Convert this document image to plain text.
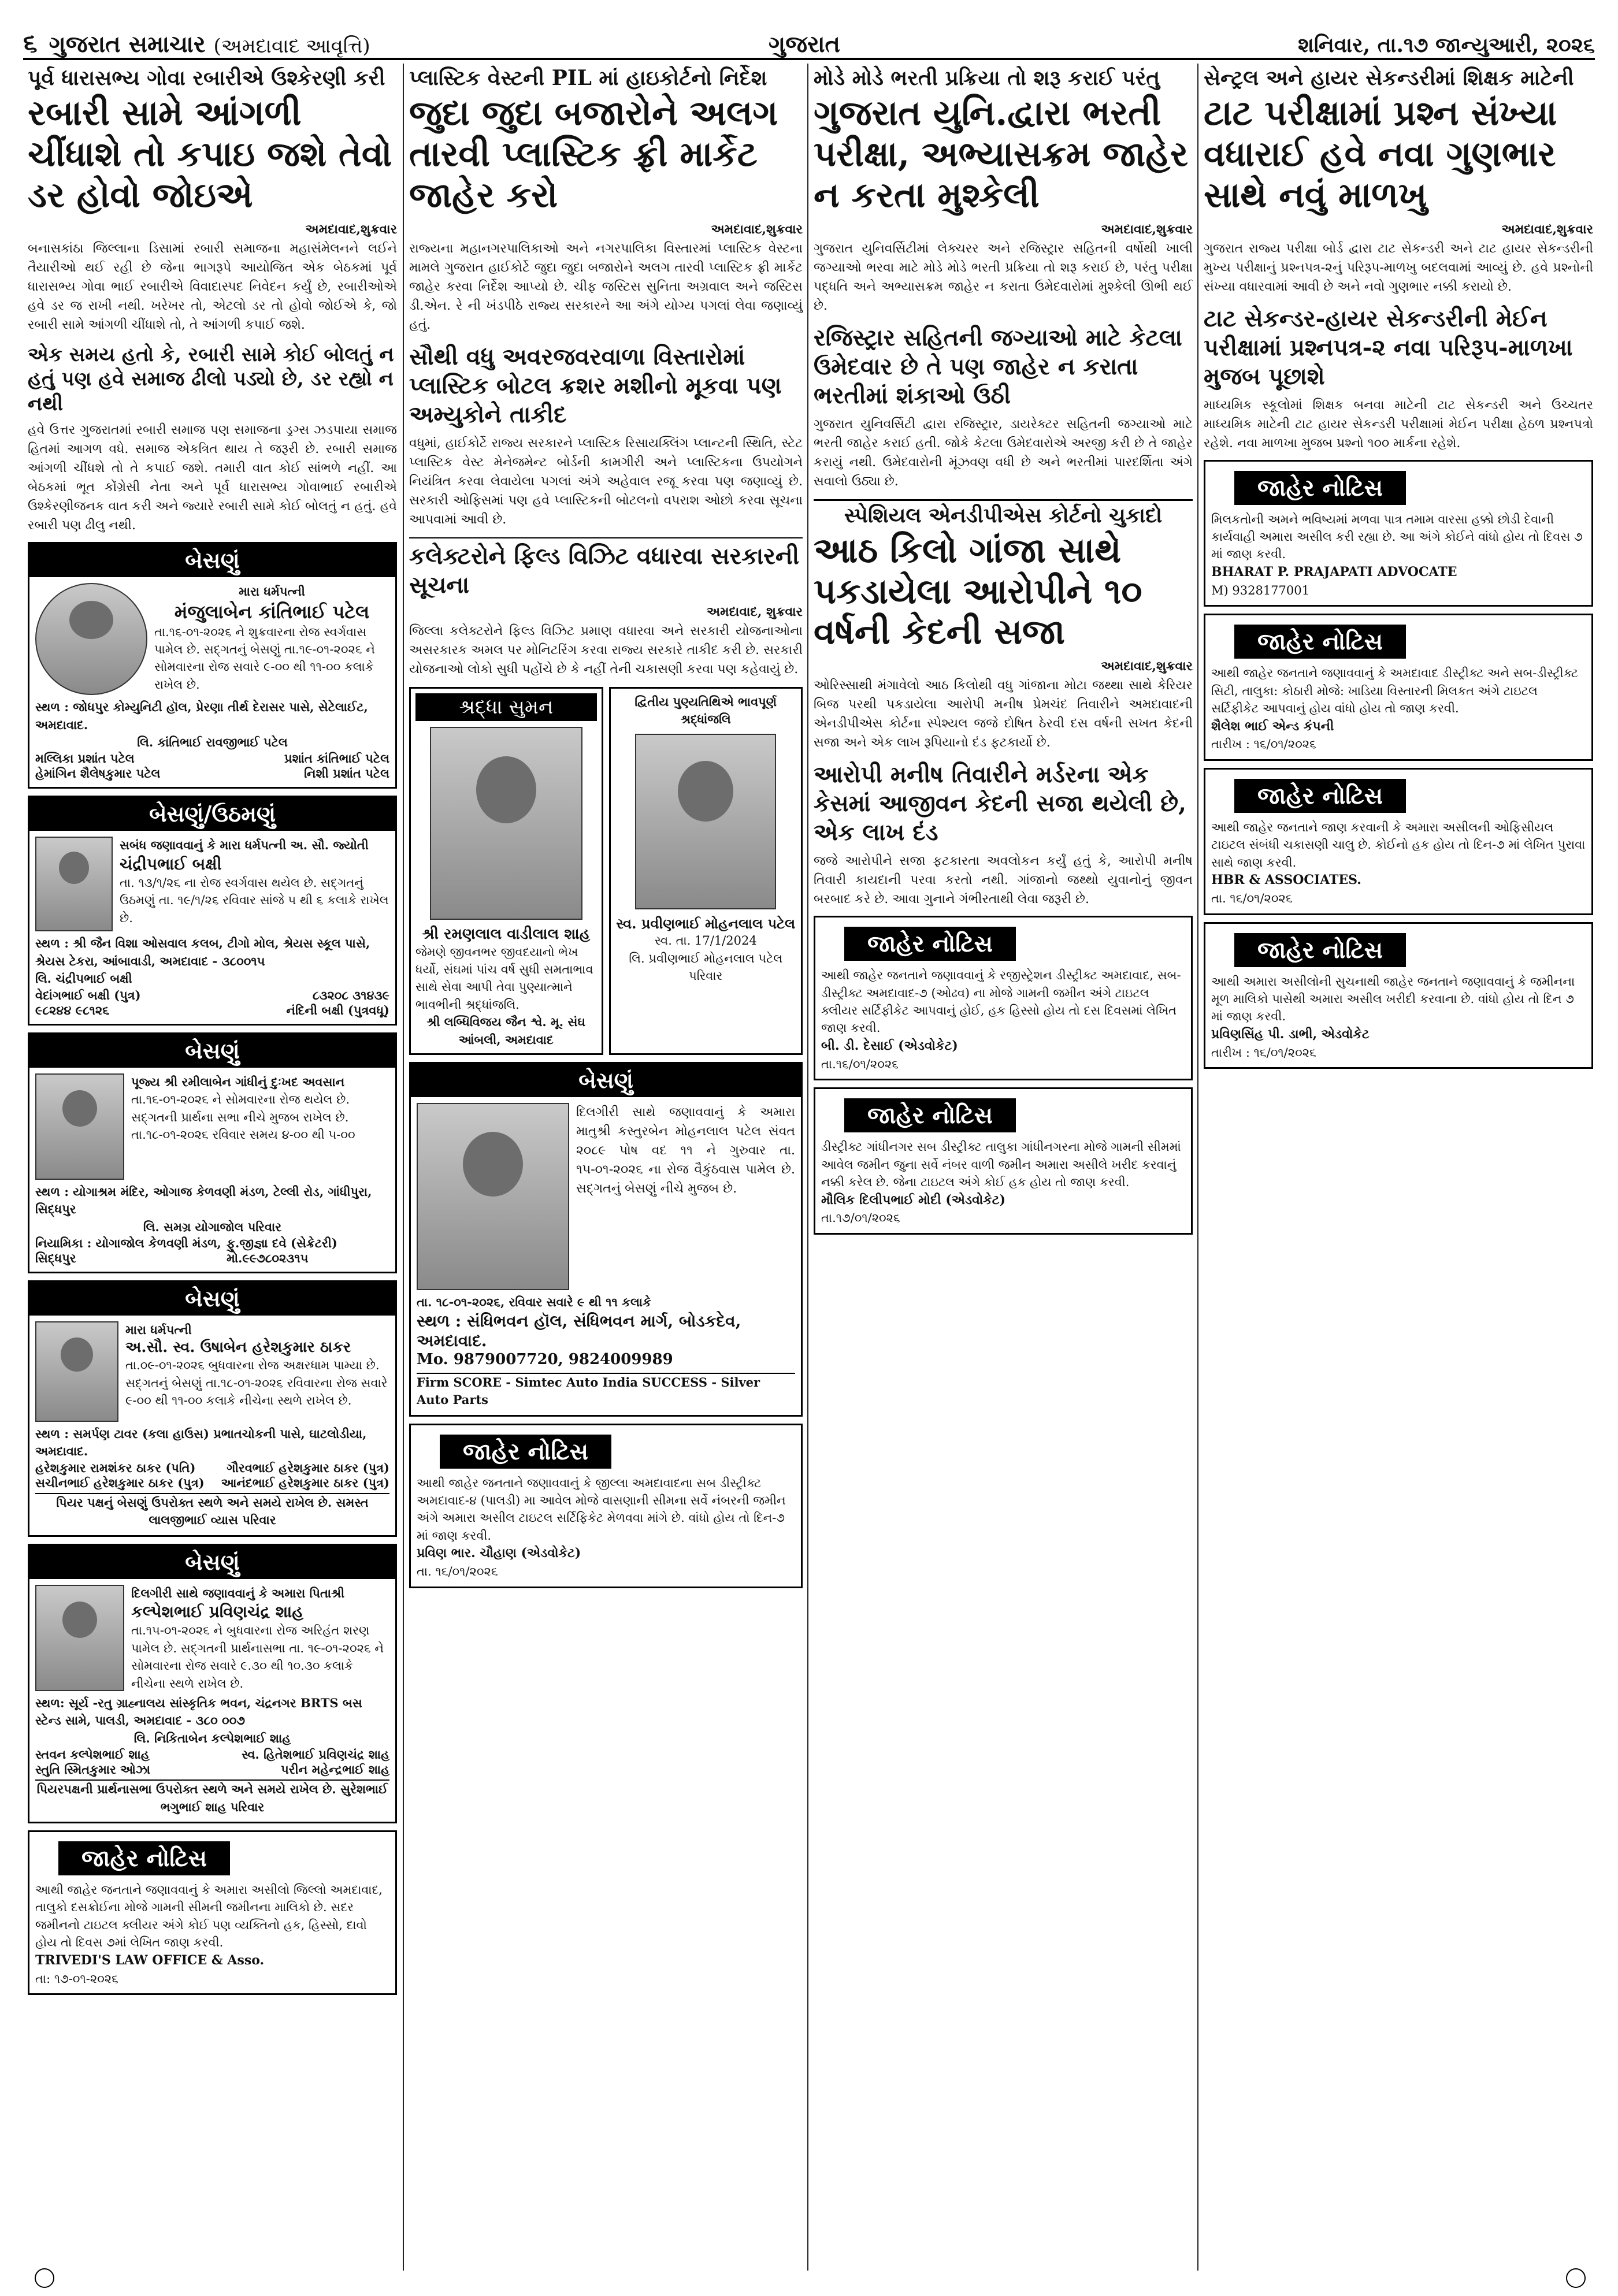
૬ ગુજરાત સમાચાર (અમદાવાદ આવૃત્તિ)	ગુજરાત	શનિવાર, તા.૧૭ જાન્યુઆરી, ૨૦૨૬
પૂર્વ ધારાસભ્ય ગોવા રબારીએ ઉશ્કેરણી કરી
રબારી સામે આંગળી ચીંધાશે તો કપાઇ જશે તેવો ડર હોવો જોઇએ
અમદાવાદ,શુક્રવાર
બનાસકાંઠા જિલ્લાના ડિસામાં રબારી સમાજના મહાસંમેલનને લઈને તૈયારીઓ થઈ રહી છે જેના ભાગરૂપે આયોજિત એક બેઠકમાં પૂર્વ ધારાસભ્ય ગોવા ભાઈ રબારીએ વિવાદાસ્પદ નિવેદન કર્યું છે, રબારીઓએ હવે ડર જ રાખી નથી. ખરેખર તો, એટલો ડર તો હોવો જોઈએ કે, જો રબારી સામે આંગળી ચીંધાશે તો, તે આંગળી કપાઈ જશે.
એક સમય હતો કે, રબારી સામે કોઈ બોલતું ન હતું પણ હવે સમાજ ઢીલો પડ્યો છે, ડર રહ્યો ન નથી
હવે ઉત્તર ગુજરાતમાં રબારી સમાજ પણ સમાજના ડ્રગ્સ ઝડપાયા સમાજ હિતમાં આગળ વધે. સમાજ એકત્રિત થાય તે જરૂરી છે. રબારી સમાજ આંગળી ચીંધશે તો તે કપાઈ જશે. તમારી વાત કોઈ સાંભળે નહીં. આ બેઠકમાં ભૂત કોંગ્રેસી નેતા અને પૂર્વ ધારાસભ્ય ગોવાભાઈ રબારીએ ઉશ્કેરણીજનક વાત કરી અને જ્યારે રબારી સામે કોઈ બોલતું ન હતું. હવે રબારી પણ ઢીલુ નથી.
બેસણું
મારા ધર્મપત્ની
મંજુલાબેન કાંતિભાઈ પટેલ
તા.૧૬-૦૧-૨૦૨૬ ને શુક્રવારના રોજ સ્વર્ગવાસ પામેલ છે. સદ્ગતનું બેસણું તા.૧૯-૦૧-૨૦૨૬ ને સોમવારના રોજ સવારે ૯-૦૦ થી ૧૧-૦૦ કલાકે રાખેલ છે.
સ્થળ : જોધપુર કોમ્યુનિટી હૉલ, પ્રેરણા તીર્થ દેરાસર પાસે, સેટેલાઈટ, અમદાવાદ.
લિ. કાંતિભાઈ રાવજીભાઈ પટેલ
મલ્લિકા પ્રશાંત પટેલ	પ્રશાંત કાંતિભાઈ પટેલ
હેમાંગિન શૈલેષકુમાર પટેલ	નિશી પ્રશાંત પટેલ
બેસણું/ઉઠમણું
સબંધ જણાવવાનું કે મારા ધર્મપત્ની અ. સૌ. જ્યોતી
ચંદ્રીપભાઈ બક્ષી
તા. ૧૩/૧/૨૬ ના રોજ સ્વર્ગવાસ થયેલ છે. સદ્ગતનું ઉઠમણું તા. ૧૯/૧/૨૬ રવિવાર સાંજે ૫ થી ૬ કલાકે રાખેલ છે.
સ્થળ : શ્રી જૈન વિશા ઓસવાલ કલબ, ટીગો મોલ, શ્રેયસ સ્કૂલ પાસે, શ્રેયસ ટેકરા, આંબાવાડી, અમદાવાદ - ૩૮૦૦૧૫
લિ. ચંદ્રીપભાઈ બક્ષી
વેદાંગભાઈ બક્ષી (પુત્ર)	૮૩૨૦૮ ૩૧૪૩૯
૯૮૨૪૪ ૯૮૧૨૬	નંદિની બક્ષી (પુત્રવધૂ)
બેસણું
પૂજ્ય શ્રી રમીલાબેન ગાંધીનું દુઃખદ અવસાન
તા.૧૬-૦૧-૨૦૨૬ ને સોમવારના રોજ થયેલ છે. સદ્ગતની પ્રાર્થના સભા નીચે મુજબ રાખેલ છે. તા.૧૮-૦૧-૨૦૨૬ રવિવાર સમય ૪-૦૦ થી ૫-૦૦
સ્થળ : યોગાશ્રમ મંદિર, ઓગાજ કેળવણી મંડળ, ટેલ્લી રોડ, ગાંધીપુરા, સિદ્ધપુર
લિ. સમગ્ર યોગાજોલ પરિવાર
નિયામિકા : યોગાજોલ કેળવણી મંડળ, સિદ્ધપુર
ફુ.જીજ્ઞા દવે (સેક્રેટરી) મો.૯૯૭૮૦૨૩૧૫
બેસણું
મારા ધર્મપત્ની
અ.સૌ. સ્વ. ઉષાબેન હરેશકુમાર ઠાકર
તા.૦૯-૦૧-૨૦૨૬ બુધવારના રોજ અક્ષરધામ પામ્યા છે. સદ્ગતનું બેસણું તા.૧૮-૦૧-૨૦૨૬ રવિવારના રોજ સવારે ૯-૦૦ થી ૧૧-૦૦ કલાકે નીચેના સ્થળે રાખેલ છે.
સ્થળ : સમર્પણ ટાવર (કલા હાઉસ) પ્રભાતચોકની પાસે, ઘાટલોડીયા, અમદાવાદ.
હરેશકુમાર રામશંકર ઠાકર (પતિ)	ગૌરવભાઈ હરેશકુમાર ઠાકર (પુત્ર)
સચીનભાઈ હરેશકુમાર ઠાકર (પુત્ર) આનંદભાઈ હરેશકુમાર ઠાકર (પુત્ર)
પિયર પક્ષનું બેસણું ઉપરોક્ત સ્થળે અને સમયે રાખેલ છે. સમસ્ત લાલજીભાઈ વ્યાસ પરિવાર
બેસણું
દિલગીરી સાથે જણાવવાનું કે અમારા પિતાશ્રી
કલ્પેશભાઈ પ્રવિણચંદ્ર શાહ
તા.૧૫-૦૧-૨૦૨૬ ને બુધવારના રોજ અરિહંત શરણ પામેલ છે. સદ્ગતની પ્રાર્થનાસભા તા. ૧૯-૦૧-૨૦૨૬ ને સોમવારના રોજ સવારે ૯.૩૦ થી ૧૦.૩૦ કલાકે નીચેના સ્થળે રાખેલ છે.
સ્થળ: સૂર્ય -રતુ ગ્રાહ્નાલય સાંસ્કૃતિક ભવન, ચંદ્રનગર BRTS બસ સ્ટેન્ડ સામે, પાલડી, અમદાવાદ - ૩૮૦ ૦૦૭
લિ. નિકિતાબેન કલ્પેશભાઈ શાહ
સ્તવન કલ્પેશભાઈ શાહ	સ્વ. હિતેશભાઈ પ્રવિણચંદ્ર શાહ
સ્તુતિ સ્મિતકુમાર ઓઝા	પરીન મહેન્દ્રભાઈ શાહ
પિયરપક્ષની પ્રાર્થનાસભા ઉપરોક્ત સ્થળે અને સમયે રાખેલ છે. સુરેશભાઈ ભગુભાઈ શાહ પરિવાર
જાહેર નોટિસ
આથી જાહેર જનતાને જણાવવાનું કે અમારા અસીલો જિલ્લો અમદાવાદ, તાલુકો દસક્રોઈના મોજે ગામની સીમની જમીનના માલિકો છે. સદર જમીનનો ટાઇટલ ક્લીયર અંગે કોઈ પણ વ્યક્તિનો હક, હિસ્સો, દાવો હોય તો દિવસ ૭માં લેખિત જાણ કરવી.
TRIVEDI'S LAW OFFICE & Asso.
તા: ૧૭-૦૧-૨૦૨૬
પ્લાસ્ટિક વેસ્ટની PIL માં હાઇકોર્ટનો નિર્દેશ
જુદા જુદા બજારોને અલગ તારવી પ્લાસ્ટિક ફ્રી માર્કેટ જાહેર કરો
અમદાવાદ,શુક્રવાર
રાજ્યના મહાનગરપાલિકાઓ અને નગરપાલિકા વિસ્તારમાં પ્લાસ્ટિક વેસ્ટના મામલે ગુજરાત હાઈકોર્ટે જુદા જુદા બજારોને અલગ તારવી પ્લાસ્ટિક ફ્રી માર્કેટ જાહેર કરવા નિર્દેશ આપ્યો છે. ચીફ જસ્ટિસ સુનિતા અગ્રવાલ અને જસ્ટિસ ડી.એન. રે ની ખંડપીઠે રાજ્ય સરકારને આ અંગે યોગ્ય પગલાં લેવા જણાવ્યું હતું.
સૌથી વધુ અવરજવરવાળા વિસ્તારોમાં પ્લાસ્ટિક બોટલ ક્રશર મશીનો મૂકવા પણ અમ્યુકોને તાકીદ
વધુમાં, હાઈકોર્ટે રાજ્ય સરકારને પ્લાસ્ટિક રિસાયક્લિંગ પ્લાન્ટની સ્થિતિ, સ્ટેટ પ્લાસ્ટિક વેસ્ટ મેનેજમેન્ટ બોર્ડની કામગીરી અને પ્લાસ્ટિકના ઉપયોગને નિયંત્રિત કરવા લેવાયેલા પગલાં અંગે અહેવાલ રજૂ કરવા પણ જણાવ્યું છે. સરકારી ઓફિસમાં પણ હવે પ્લાસ્ટિકની બોટલનો વપરાશ ઓછો કરવા સૂચના આપવામાં આવી છે.
કલેક્ટરોને ફિલ્ડ વિઝિટ વધારવા સરકારની સૂચના
અમદાવાદ, શુક્રવાર
જિલ્લા કલેક્ટરોને ફિલ્ડ વિઝિટ પ્રમાણ વધારવા અને સરકારી યોજનાઓના અસરકારક અમલ પર મોનિટરિંગ કરવા રાજ્ય સરકારે તાકીદ કરી છે. સરકારી યોજનાઓ લોકો સુધી પહોંચે છે કે નહીં તેની ચકાસણી કરવા પણ કહેવાયું છે.
શ્રદ્ધા સુમન
શ્રી રમણલાલ વાડીલાલ શાહ
જેમણે જીવનભર જીવદયાનો ભેખ ધર્યો, સંઘમાં પાંચ વર્ષ સુધી સમતાભાવ સાથે સેવા આપી તેવા પુણ્યાત્માને ભાવભીની શ્રદ્ધાંજલિ.
શ્રી લબ્ધિવિજય જૈન શ્વે. મૂ. સંઘ આંબલી, અમદાવાદ
દ્વિતીય પુણ્યતિથિએ ભાવપૂર્ણ શ્રદ્ધાંજલિ
સ્વ. પ્રવીણભાઈ મોહનલાલ પટેલ
સ્વ. તા. 17/1/2024
લિ. પ્રવીણભાઈ મોહનલાલ પટેલ પરિવાર
બેસણું
દિલગીરી સાથે જણાવવાનું કે અમારા માતુશ્રી કસ્તુરબેન મોહનલાલ પટેલ સંવત ૨૦૮૯ પોષ વદ ૧૧ ને ગુરુવાર તા. ૧૫-૦૧-૨૦૨૬ ના રોજ વૈકુંઠવાસ પામેલ છે. સદ્ગતનું બેસણું નીચે મુજબ છે.
તા. ૧૮-૦૧-૨૦૨૬, રવિવાર સવારે ૯ થી ૧૧ કલાકે
સ્થળ : સંધિભવન હૉલ, સંધિભવન માર્ગ, બોડકદેવ, અમદાવાદ.
Mo. 9879007720, 9824009989
Firm SCORE - Simtec Auto India SUCCESS - Silver Auto Parts
જાહેર નોટિસ
આથી જાહેર જનતાને જણાવવાનું કે જીલ્લા અમદાવાદના સબ ડીસ્ટ્રીક્ટ અમદાવાદ-૪ (પાલડી) મા આવેલ મોજે વાસણાની સીમના સર્વે નંબરની જમીન અંગે અમારા અસીલ ટાઇટલ સર્ટિફિકેટ મેળવવા માંગે છે. વાંધો હોય તો દિન-૭ માં જાણ કરવી.
પ્રવિણ ભાર. ચૌહાણ (એડવોકેટ)
તા. ૧૬/૦૧/૨૦૨૬
મોડે મોડે ભરતી પ્રક્રિયા તો શરૂ કરાઈ પરંતુ
ગુજરાત યુનિ.દ્વારા ભરતી પરીક્ષા, અભ્યાસક્રમ જાહેર ન કરતા મુશ્કેલી
અમદાવાદ,શુક્રવાર
ગુજરાત યુનિવર્સિટીમાં લેક્ચરર અને રજિસ્ટ્રાર સહિતની વર્ષોથી ખાલી જગ્યાઓ ભરવા માટે મોડે મોડે ભરતી પ્રક્રિયા તો શરૂ કરાઈ છે, પરંતુ પરીક્ષા પદ્ધતિ અને અભ્યાસક્રમ જાહેર ન કરાતા ઉમેદવારોમાં મુશ્કેલી ઊભી થઈ છે.
રજિસ્ટ્રાર સહિતની જગ્યાઓ માટે કેટલા ઉમેદવાર છે તે પણ જાહેર ન કરાતા ભરતીમાં શંકાઓ ઉઠી
ગુજરાત યુનિવર્સિટી દ્વારા રજિસ્ટ્રાર, ડાયરેક્ટર સહિતની જગ્યાઓ માટે ભરતી જાહેર કરાઈ હતી. જોકે કેટલા ઉમેદવારોએ અરજી કરી છે તે જાહેર કરાયું નથી. ઉમેદવારોની મૂંઝવણ વધી છે અને ભરતીમાં પારદર્શિતા અંગે સવાલો ઉઠ્યા છે.
સ્પેશિયલ એનડીપીએસ કોર્ટનો ચુકાદો
આઠ કિલો ગાંજા સાથે પકડાયેલા આરોપીને ૧૦ વર્ષની કેદની સજા
અમદાવાદ,શુક્રવાર
ઓરિસ્સાથી મંગાવેલો આઠ કિલોથી વધુ ગાંજાના મોટા જથ્થા સાથે કેરિયર બિજ પરથી પકડાયેલા આરોપી મનીષ પ્રેમચંદ તિવારીને અમદાવાદની એનડીપીએસ કોર્ટના સ્પેશ્યલ જજે દોષિત ઠેરવી દસ વર્ષની સખત કેદની સજા અને એક લાખ રૂપિયાનો દંડ ફટકાર્યો છે.
આરોપી મનીષ તિવારીને મર્ડરના એક કેસમાં આજીવન કેદની સજા થયેલી છે, એક લાખ દંડ
જજે આરોપીને સજા ફટકારતા અવલોકન કર્યું હતું કે, આરોપી મનીષ તિવારી કાયદાની પરવા કરતો નથી. ગાંજાનો જથ્થો યુવાનોનું જીવન બરબાદ કરે છે. આવા ગુનાને ગંભીરતાથી લેવા જરૂરી છે.
જાહેર નોટિસ
આથી જાહેર જનતાને જણાવવાનું કે રજીસ્ટ્રેશન ડીસ્ટ્રીક્ટ અમદાવાદ, સબ-ડીસ્ટ્રીક્ટ અમદાવાદ-૭ (ઓઢવ) ના મોજે ગામની જમીન અંગે ટાઇટલ ક્લીયર સર્ટિફીકેટ આપવાનું હોઈ, હક હિસ્સો હોય તો દસ દિવસમાં લેખિત જાણ કરવી.
બી. ડી. દેસાઈ (એડવોકેટ)
તા.૧૬/૦૧/૨૦૨૬
જાહેર નોટિસ
ડીસ્ટ્રીક્ટ ગાંધીનગર સબ ડીસ્ટ્રીક્ટ તાલુકા ગાંધીનગરના મોજે ગામની સીમમાં આવેલ જમીન જુના સર્વે નંબર વાળી જમીન અમારા અસીલે ખરીદ કરવાનું નક્કી કરેલ છે. જેના ટાઇટલ અંગે કોઈ હક હોય તો જાણ કરવી.
મૌલિક દિલીપભાઈ મોદી (એડવોકેટ)
તા.૧૭/૦૧/૨૦૨૬
સેન્ટ્રલ અને હાયર સેકન્ડરીમાં શિક્ષક માટેની
ટાટ પરીક્ષામાં પ્રશ્ન સંખ્યા વધારાઈ હવે નવા ગુણભાર સાથે નવું માળખુ
અમદાવાદ,શુક્રવાર
ગુજરાત રાજ્ય પરીક્ષા બોર્ડ દ્વારા ટાટ સેકન્ડરી અને ટાટ હાયર સેકન્ડરીની મુખ્ય પરીક્ષાનું પ્રશ્નપત્ર-૨નું પરિરૂપ-માળખુ બદલવામાં આવ્યું છે. હવે પ્રશ્નોની સંખ્યા વધારવામાં આવી છે અને નવો ગુણભાર નક્કી કરાયો છે.
ટાટ સેકન્ડર-હાયર સેકન્ડરીની મેઈન પરીક્ષામાં પ્રશ્નપત્ર-૨ નવા પરિરૂપ-માળખા મુજબ પૂછાશે
માધ્યમિક સ્કૂલોમાં શિક્ષક બનવા માટેની ટાટ સેકન્ડરી અને ઉચ્ચતર માધ્યમિક માટેની ટાટ હાયર સેકન્ડરી પરીક્ષામાં મેઈન પરીક્ષા હેઠળ પ્રશ્નપત્રો રહેશે. નવા માળખા મુજબ પ્રશ્નો ૧૦૦ માર્કના રહેશે.
જાહેર નોટિસ
મિલકતોની અમને ભવિષ્યમાં મળવા પાત્ર તમામ વારસા હક્કો છોડી દેવાની કાર્યવાહી અમારા અસીલ કરી રહ્યા છે. આ અંગે કોઈને વાંધો હોય તો દિવસ ૭ માં જાણ કરવી.
BHARAT P. PRAJAPATI ADVOCATE
M) 9328177001
જાહેર નોટિસ
આથી જાહેર જનતાને જણાવવાનું કે અમદાવાદ ડીસ્ટ્રીક્ટ અને સબ-ડીસ્ટ્રીક્ટ સિટી, તાલુકા: કોઠારી મોજે: ખાડિયા વિસ્તારની મિલકત અંગે ટાઇટલ સર્ટિફીકેટ આપવાનું હોય વાંધો હોય તો જાણ કરવી.
શૈલેશ ભાઈ એન્ડ કંપની
તારીખ : ૧૬/૦૧/૨૦૨૬
જાહેર નોટિસ
આથી જાહેર જનતાને જાણ કરવાની કે અમારા અસીલની ઓફિસીયલ ટાઇટલ સંબંધી ચકાસણી ચાલુ છે. કોઈનો હક હોય તો દિન-૭ માં લેખિત પુરાવા સાથે જાણ કરવી.
HBR & ASSOCIATES.
તા. ૧૬/૦૧/૨૦૨૬
જાહેર નોટિસ
આથી અમારા અસીલોની સુચનાથી જાહેર જનતાને જણાવવાનું કે જમીનના મૂળ માલિકો પાસેથી અમારા અસીલ ખરીદી કરવાના છે. વાંધો હોય તો દિન ૭ માં જાણ કરવી.
પ્રવિણસિંહ પી. ડાભી, એડવોકેટ
તારીખ : ૧૬/૦૧/૨૦૨૬
